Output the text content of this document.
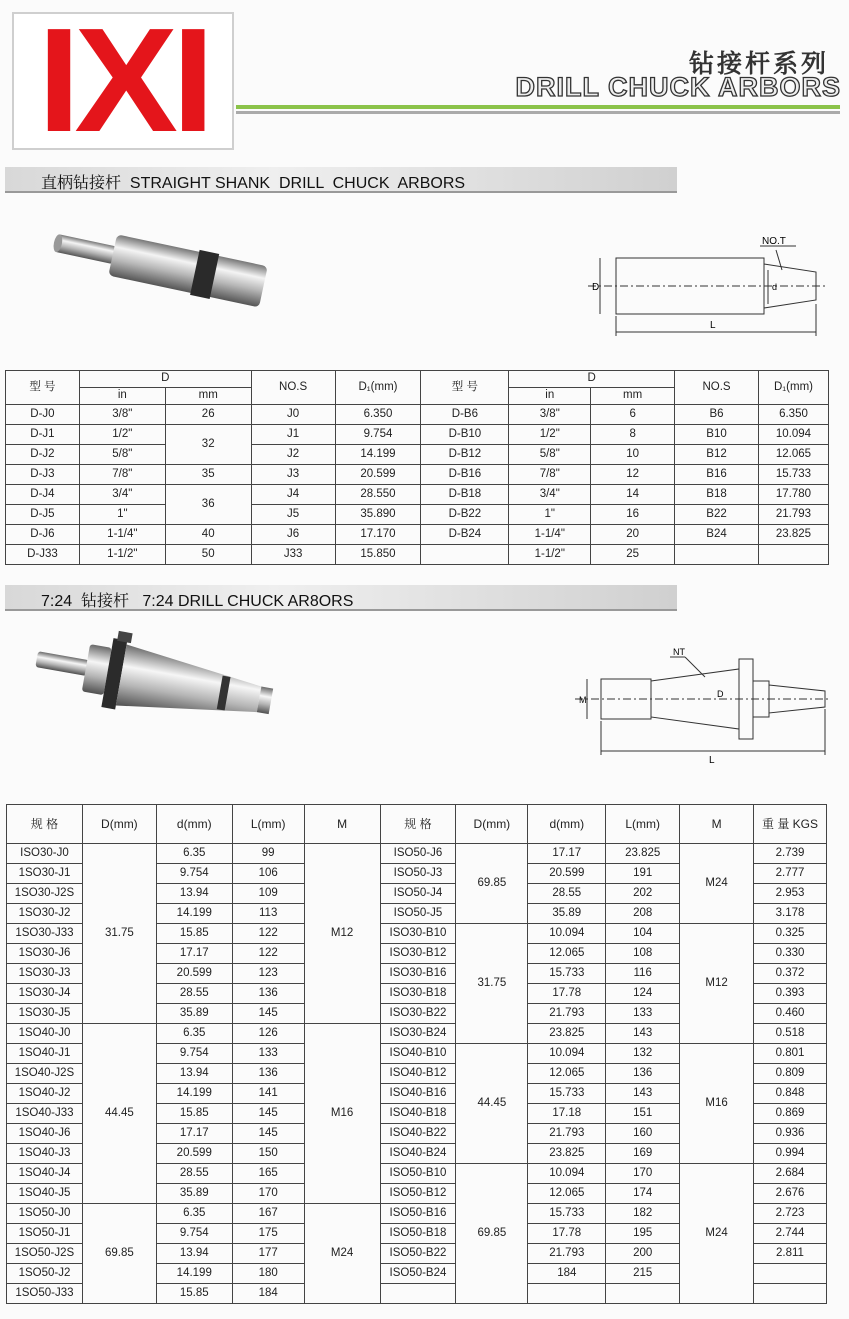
IXI	钻接杆系列
DRILL CHUCK ARBORS
直柄钻接杆  STRAIGHT SHANK  DRILL  CHUCK  ARBORS
NO.T
D	d
L
型 号	D		NO.S	D₁(mm)	型 号	D		NO.S	D₁(mm)
	in	mm				in	mm		
D-J0	3/8"	26	J0	6.350	D-B6	3/8"	6	B6	6.350
D-J1	1/2"	32	J1	9.754	D-B10	1/2"	8	B10	10.094
D-J2	5/8"		J2	14.199	D-B12	5/8"	10	B12	12.065
D-J3	7/8"	35	J3	20.599	D-B16	7/8"	12	B16	15.733
D-J4	3/4"	36	J4	28.550	D-B18	3/4"	14	B18	17.780
D-J5	1"		J5	35.890	D-B22	1"	16	B22	21.793
D-J6	1-1/4"	40	J6	17.170	D-B24	1-1/4"	20	B24	23.825
D-J33	1-1/2"	50	J33	15.850		1-1/2"	25		
7:24  钻接杆   7:24 DRILL CHUCK AR8ORS
NT
M
D
L
规 格	D(mm)	d(mm)	L(mm)	M	规 格	D(mm)	d(mm)	L(mm)	M	重 量 KGS
ISO30-J0	31.75	6.35	99	M12	ISO50-J6	69.85	17.17	23.825	M24	2.739
1SO30-J1		9.754	106		ISO50-J3		20.599	191		2.777
1SO30-J2S		13.94	109		ISO50-J4		28.55	202		2.953
1SO30-J2		14.199	113		ISO50-J5		35.89	208		3.178
1SO30-J33		15.85	122		ISO30-B10	31.75	10.094	104	M12	0.325
1SO30-J6		17.17	122		ISO30-B12		12.065	108		0.330
1SO30-J3		20.599	123		ISO30-B16		15.733	116		0.372
1SO30-J4		28.55	136		ISO30-B18		17.78	124		0.393
1SO30-J5		35.89	145		ISO30-B22		21.793	133		0.460
1SO40-J0	44.45	6.35	126	M16	ISO30-B24		23.825	143		0.518
1SO40-J1		9.754	133		ISO40-B10	44.45	10.094	132	M16	0.801
1SO40-J2S		13.94	136		ISO40-B12		12.065	136		0.809
1SO40-J2		14.199	141		ISO40-B16		15.733	143		0.848
1SO40-J33		15.85	145		ISO40-B18		17.18	151		0.869
1SO40-J6		17.17	145		ISO40-B22		21.793	160		0.936
1SO40-J3		20.599	150		ISO40-B24		23.825	169		0.994
1SO40-J4		28.55	165		ISO50-B10	69.85	10.094	170	M24	2.684
1SO40-J5		35.89	170		ISO50-B12		12.065	174		2.676
1SO50-J0	69.85	6.35	167	M24	ISO50-B16		15.733	182		2.723
1SO50-J1		9.754	175		ISO50-B18		17.78	195		2.744
1SO50-J2S		13.94	177		ISO50-B22		21.793	200		2.811
1SO50-J2		14.199	180		ISO50-B24		184	215		
1SO50-J33		15.85	184							
